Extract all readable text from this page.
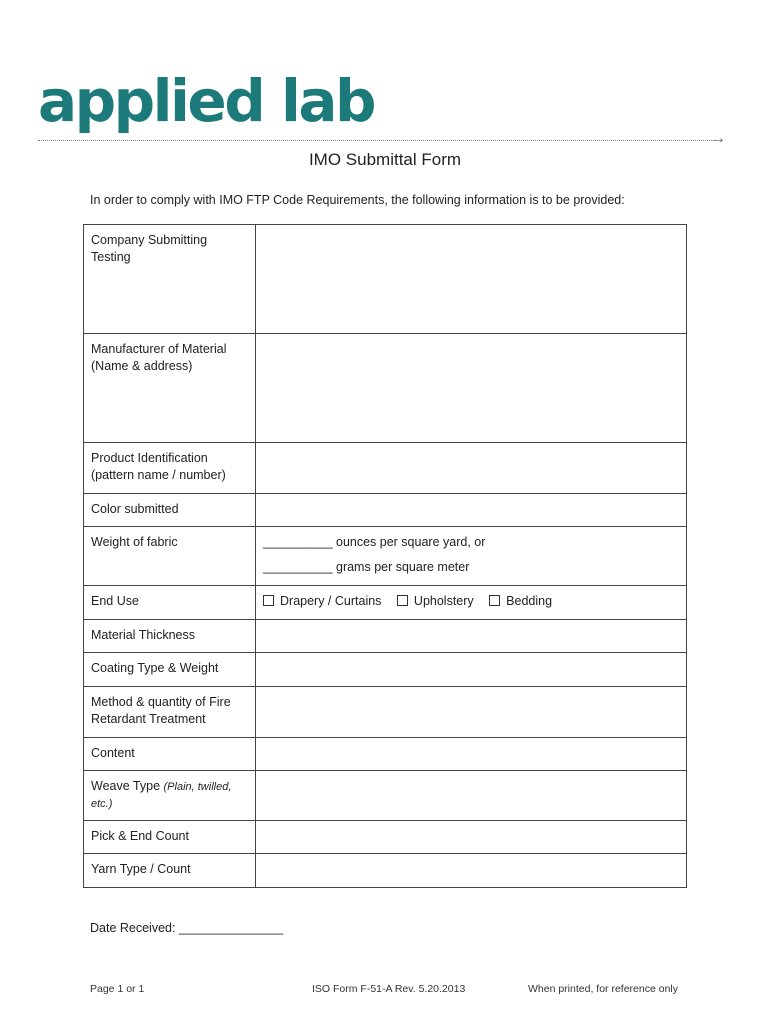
applied lab
→
IMO Submittal Form
In order to comply with IMO FTP Code Requirements, the following information is to be provided:
Company Submitting
Testing	

Manufacturer of Material
(Name & address)	

Product Identification
(pattern name / number)	

Color submitted	
Weight of fabric	__________ ounces per square yard, or
__________ grams per square meter

End Use	Drapery / Curtains Upholstery Bedding
Material Thickness	
Coating Type & Weight	

Method & quantity of Fire
Retardant Treatment	

Content	

Weave Type (Plain, twilled,
etc.)	

Pick & End Count	
Yarn Type / Count	
Date Received: _______________
Page 1 or 1	ISO Form F-51-A Rev. 5.20.2013	When printed, for reference only
